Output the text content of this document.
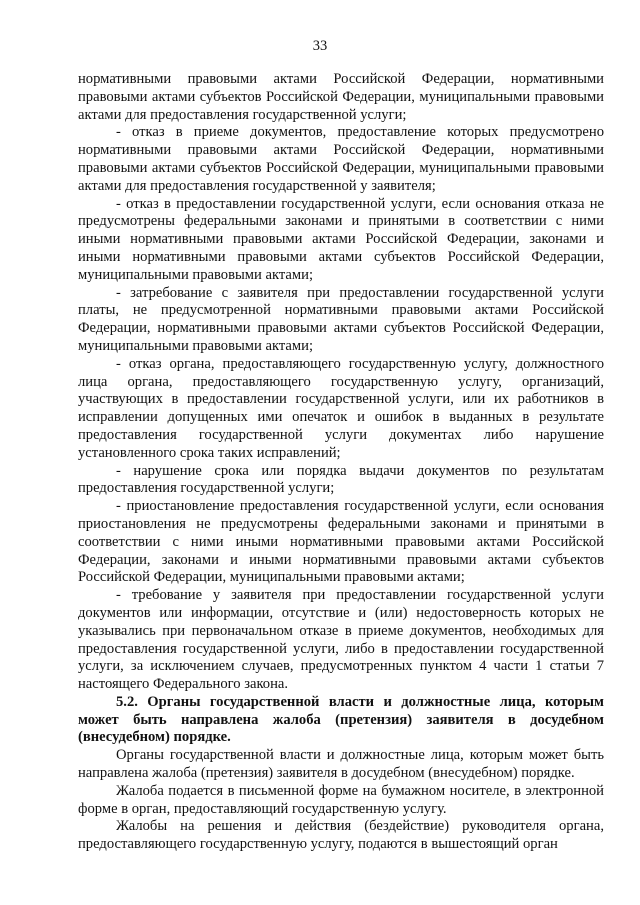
33

нормативными правовыми актами Российской Федерации, нормативными правовыми актами субъектов Российской Федерации, муниципальными правовыми актами для предоставления государственной услуги;

- отказ в приеме документов, предоставление которых предусмотрено нормативными правовыми актами Российской Федерации, нормативными правовыми актами субъектов Российской Федерации, муниципальными правовыми актами для предоставления государственной у заявителя;

- отказ в предоставлении государственной услуги, если основания отказа не предусмотрены федеральными законами и принятыми в соответствии с ними иными нормативными правовыми актами Российской Федерации, законами и иными нормативными правовыми актами субъектов Российской Федерации, муниципальными правовыми актами;

- затребование с заявителя при предоставлении государственной услуги платы, не предусмотренной нормативными правовыми актами Российской Федерации, нормативными правовыми актами субъектов Российской Федерации, муниципальными правовыми актами;

- отказ органа, предоставляющего государственную услугу, должностного лица органа, предоставляющего государственную услугу, организаций, участвующих в предоставлении государственной услуги, или их работников в исправлении допущенных ими опечаток и ошибок в выданных в результате предоставления государственной услуги документах либо нарушение установленного срока таких исправлений;

- нарушение срока или порядка выдачи документов по результатам предоставления государственной услуги;

- приостановление предоставления государственной услуги, если основания приостановления не предусмотрены федеральными законами и принятыми в соответствии с ними иными нормативными правовыми актами Российской Федерации, законами и иными нормативными правовыми актами субъектов Российской Федерации, муниципальными правовыми актами;

- требование у заявителя при предоставлении государственной услуги документов или информации, отсутствие и (или) недостоверность которых не указывались при первоначальном отказе в приеме документов, необходимых для предоставления государственной услуги, либо в предоставлении государственной услуги, за исключением случаев, предусмотренных пунктом 4 части 1 статьи 7 настоящего Федерального закона.

5.2. Органы государственной власти и должностные лица, которым может быть направлена жалоба (претензия) заявителя в досудебном (внесудебном) порядке.

Органы государственной власти и должностные лица, которым может быть направлена жалоба (претензия) заявителя в досудебном (внесудебном) порядке.

Жалоба подается в письменной форме на бумажном носителе, в электронной форме в орган, предоставляющий государственную услугу.

Жалобы на решения и действия (бездействие) руководителя органа, предоставляющего государственную услугу, подаются в вышестоящий орган
